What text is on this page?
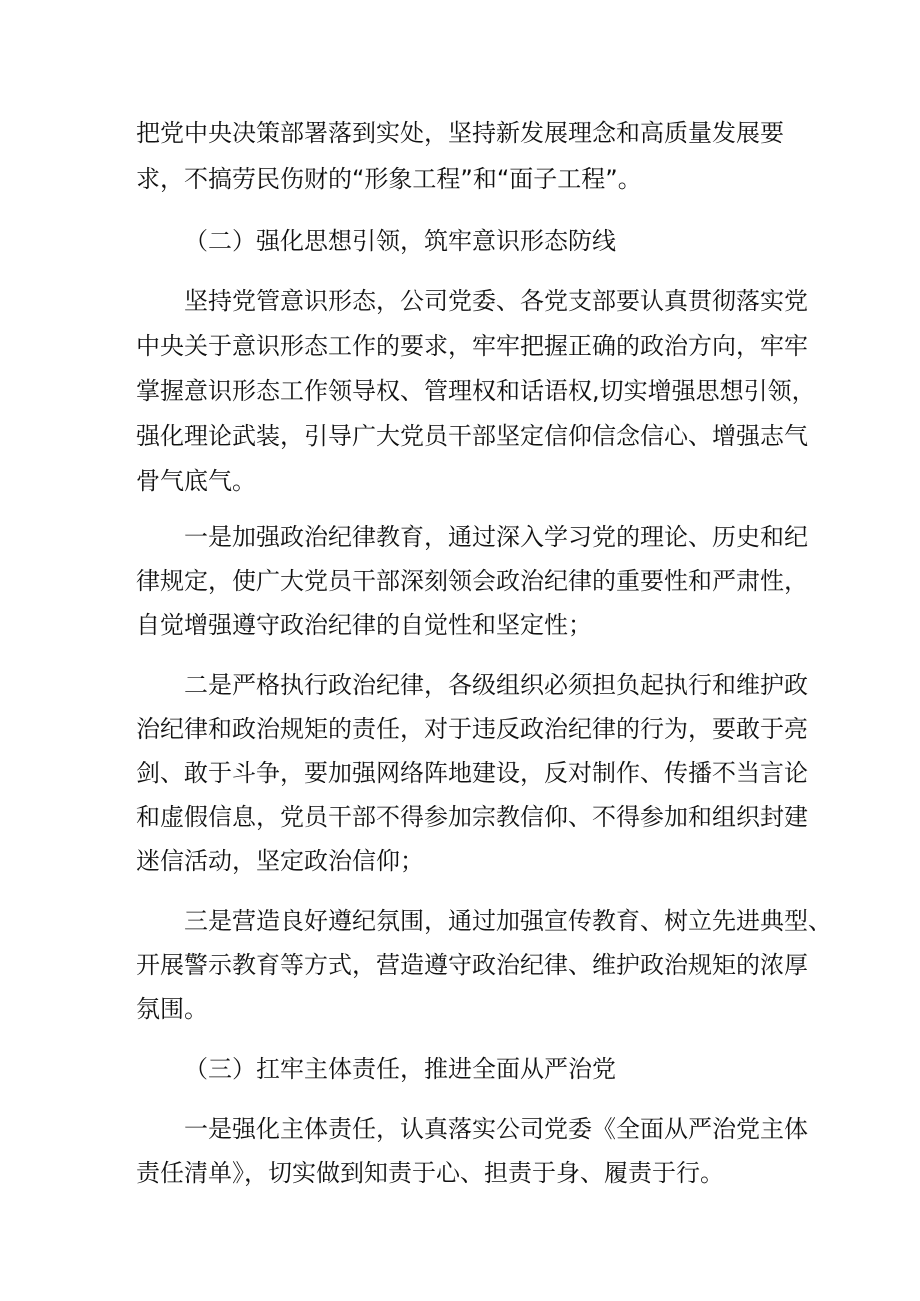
把党中央决策部署落到实处，坚持新发展理念和高质量发展要
求，不搞劳民伤财的“形象工程”和“面子工程”。
（二）强化思想引领，筑牢意识形态防线
坚持党管意识形态，公司党委、各党支部要认真贯彻落实党
中央关于意识形态工作的要求，牢牢把握正确的政治方向，牢牢
掌握意识形态工作领导权、管理权和话语权,切实增强思想引领，
强化理论武装，引导广大党员干部坚定信仰信念信心、增强志气
骨气底气。
一是加强政治纪律教育，通过深入学习党的理论、历史和纪
律规定，使广大党员干部深刻领会政治纪律的重要性和严肃性，
自觉增强遵守政治纪律的自觉性和坚定性；
二是严格执行政治纪律，各级组织必须担负起执行和维护政
治纪律和政治规矩的责任，对于违反政治纪律的行为，要敢于亮
剑、敢于斗争，要加强网络阵地建设，反对制作、传播不当言论
和虚假信息，党员干部不得参加宗教信仰、不得参加和组织封建
迷信活动，坚定政治信仰；
三是营造良好遵纪氛围，通过加强宣传教育、树立先进典型、
开展警示教育等方式，营造遵守政治纪律、维护政治规矩的浓厚
氛围。
（三）扛牢主体责任，推进全面从严治党
一是强化主体责任，认真落实公司党委《全面从严治党主体
责任清单》，切实做到知责于心、担责于身、履责于行。
